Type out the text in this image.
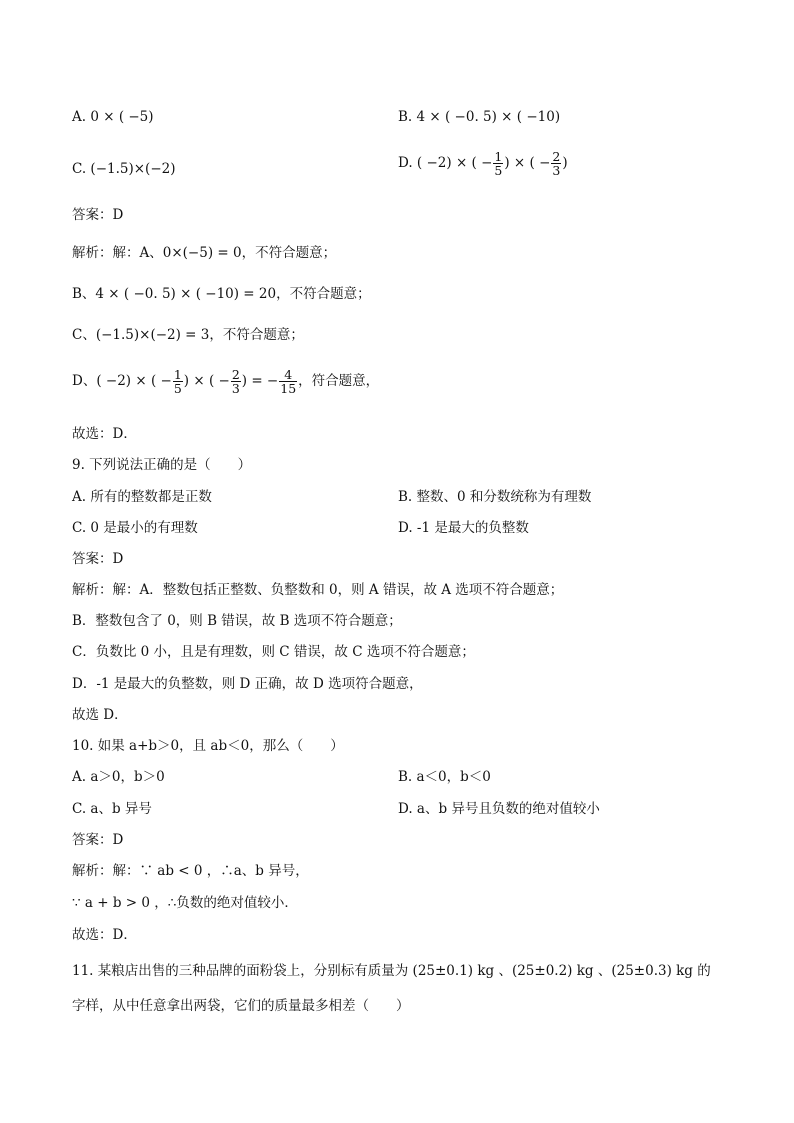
A. 0 × ( −5)	B. 4 × ( −0. 5) × ( −10)
C. (−1.5)×(−2)	D. ( −2) × ( − $\frac{1}{5}$ ) × ( − $\frac{2}{3}$ )
答案：D
解析：解：A、0×(−5) = 0，不符合题意；
B、4 × ( −0. 5) × ( −10) = 20，不符合题意；
C、(−1.5)×(−2) = 3，不符合题意；
D、( −2) × ( − $\frac{1}{5}$ ) × ( − $\frac{2}{3}$ ) = − $\frac{4}{15}$ ，符合题意，
故选：D．
9. 下列说法正确的是（　　）
A. 所有的整数都是正数	B. 整数、0 和分数统称为有理数
C. 0 是最小的有理数	D. -1 是最大的负整数
答案：D
解析：解：A．整数包括正整数、负整数和 0，则 A 错误，故 A 选项不符合题意；
B．整数包含了 0，则 B 错误，故 B 选项不符合题意；
C．负数比 0 小，且是有理数，则 C 错误，故 C 选项不符合题意；
D．-1 是最大的负整数，则 D 正确，故 D 选项符合题意，
故选 D．
10. 如果 a+b＞0，且 ab＜0，那么（　　）
A. a＞0，b＞0	B. a＜0，b＜0
C. a、b 异号	D. a、b 异号且负数的绝对值较小
答案：D
解析：解：∵ ab < 0 ，∴a、b 异号，
∵ a + b > 0 ，∴负数的绝对值较小．
故选：D．
11. 某粮店出售的三种品牌的面粉袋上，分别标有质量为 (25±0.1) kg 、(25±0.2) kg 、(25±0.3) kg 的
字样，从中任意拿出两袋，它们的质量最多相差（　　）
